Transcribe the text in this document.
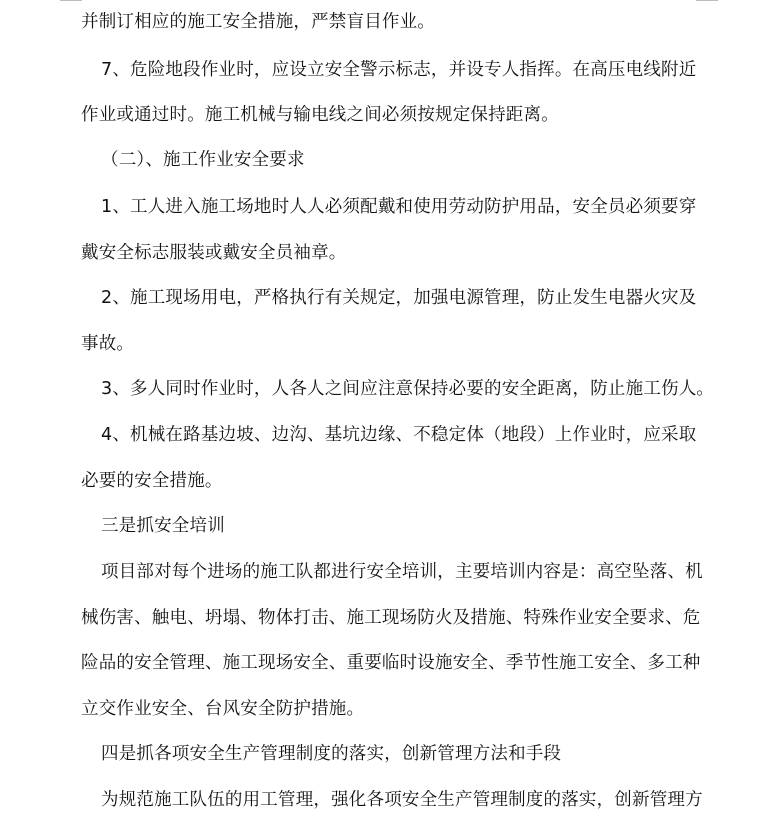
并制订相应的施工安全措施，严禁盲目作业。
7、危险地段作业时，应设立安全警示标志，并设专人指挥。在高压电线附近
作业或通过时。施工机械与输电线之间必须按规定保持距离。
（二）、施工作业安全要求
1、工人进入施工场地时人人必须配戴和使用劳动防护用品，安全员必须要穿
戴安全标志服装或戴安全员袖章。
2、施工现场用电，严格执行有关规定，加强电源管理，防止发生电器火灾及
事故。
3、多人同时作业时，人各人之间应注意保持必要的安全距离，防止施工伤人。
4、机械在路基边坡、边沟、基坑边缘、不稳定体（地段）上作业时，应采取
必要的安全措施。
三是抓安全培训
项目部对每个进场的施工队都进行安全培训，主要培训内容是：高空坠落、机
械伤害、触电、坍塌、物体打击、施工现场防火及措施、特殊作业安全要求、危
险品的安全管理、施工现场安全、重要临时设施安全、季节性施工安全、多工种
立交作业安全、台风安全防护措施。
四是抓各项安全生产管理制度的落实，创新管理方法和手段
为规范施工队伍的用工管理，强化各项安全生产管理制度的落实，创新管理方
